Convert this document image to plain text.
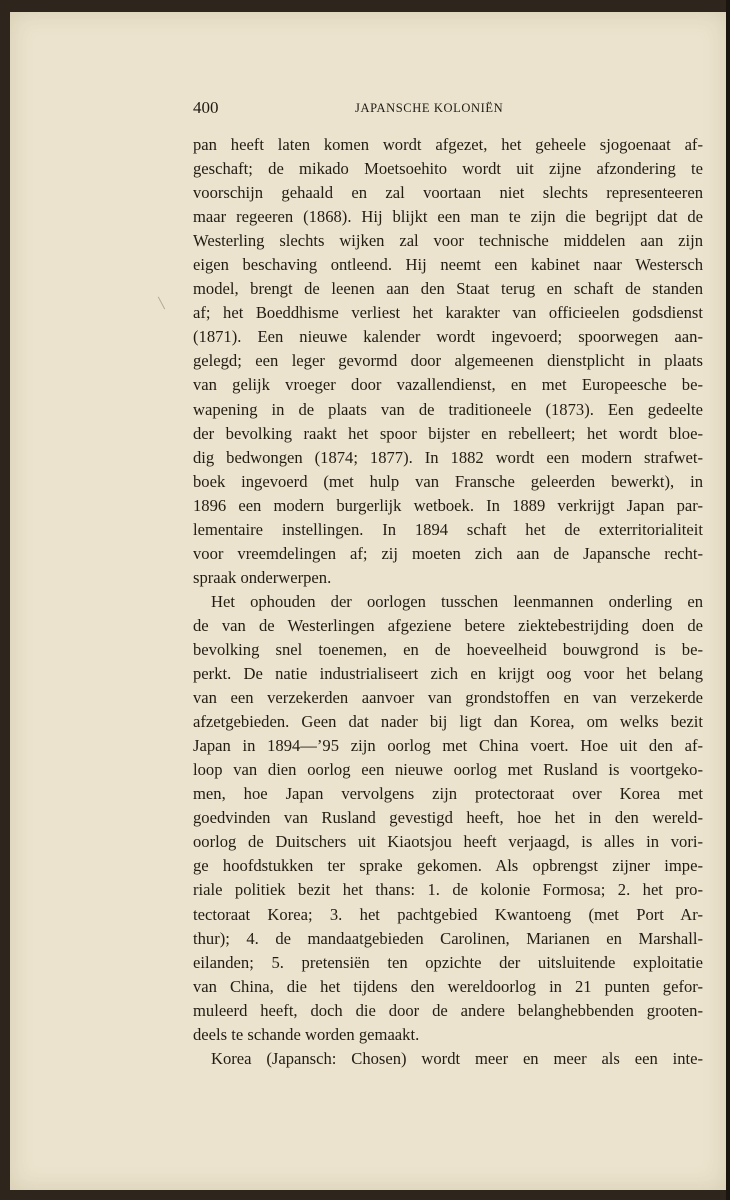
400	JAPANSCHE KOLONIËN
pan heeft laten komen wordt afgezet, het geheele sjogoenaat af-
geschaft; de mikado Moetsoehito wordt uit zijne afzondering te
voorschijn gehaald en zal voortaan niet slechts representeeren
maar regeeren (1868). Hij blijkt een man te zijn die begrijpt dat de
Westerling slechts wijken zal voor technische middelen aan zijn
eigen beschaving ontleend. Hij neemt een kabinet naar Westersch
model, brengt de leenen aan den Staat terug en schaft de standen
af; het Boeddhisme verliest het karakter van officieelen godsdienst
(1871). Een nieuwe kalender wordt ingevoerd; spoorwegen aan-
gelegd; een leger gevormd door algemeenen dienstplicht in plaats
van gelijk vroeger door vazallendienst, en met Europeesche be-
wapening in de plaats van de traditioneele (1873). Een gedeelte
der bevolking raakt het spoor bijster en rebelleert; het wordt bloe-
dig bedwongen (1874; 1877). In 1882 wordt een modern strafwet-
boek ingevoerd (met hulp van Fransche geleerden bewerkt), in
1896 een modern burgerlijk wetboek. In 1889 verkrijgt Japan par-
lementaire instellingen. In 1894 schaft het de exterritorialiteit
voor vreemdelingen af; zij moeten zich aan de Japansche recht-
spraak onderwerpen.
Het ophouden der oorlogen tusschen leenmannen onderling en
de van de Westerlingen afgeziene betere ziektebestrijding doen de
bevolking snel toenemen, en de hoeveelheid bouwgrond is be-
perkt. De natie industrialiseert zich en krijgt oog voor het belang
van een verzekerden aanvoer van grondstoffen en van verzekerde
afzetgebieden. Geen dat nader bij ligt dan Korea, om welks bezit
Japan in 1894—’95 zijn oorlog met China voert. Hoe uit den af-
loop van dien oorlog een nieuwe oorlog met Rusland is voortgeko-
men, hoe Japan vervolgens zijn protectoraat over Korea met
goedvinden van Rusland gevestigd heeft, hoe het in den wereld-
oorlog de Duitschers uit Kiaotsjou heeft verjaagd, is alles in vori-
ge hoofdstukken ter sprake gekomen. Als opbrengst zijner impe-
riale politiek bezit het thans: 1. de kolonie Formosa; 2. het pro-
tectoraat Korea; 3. het pachtgebied Kwantoeng (met Port Ar-
thur); 4. de mandaatgebieden Carolinen, Marianen en Marshall-
eilanden; 5. pretensiën ten opzichte der uitsluitende exploitatie
van China, die het tijdens den wereldoorlog in 21 punten gefor-
muleerd heeft, doch die door de andere belanghebbenden grooten-
deels te schande worden gemaakt.
Korea (Japansch: Chosen) wordt meer en meer als een inte-
